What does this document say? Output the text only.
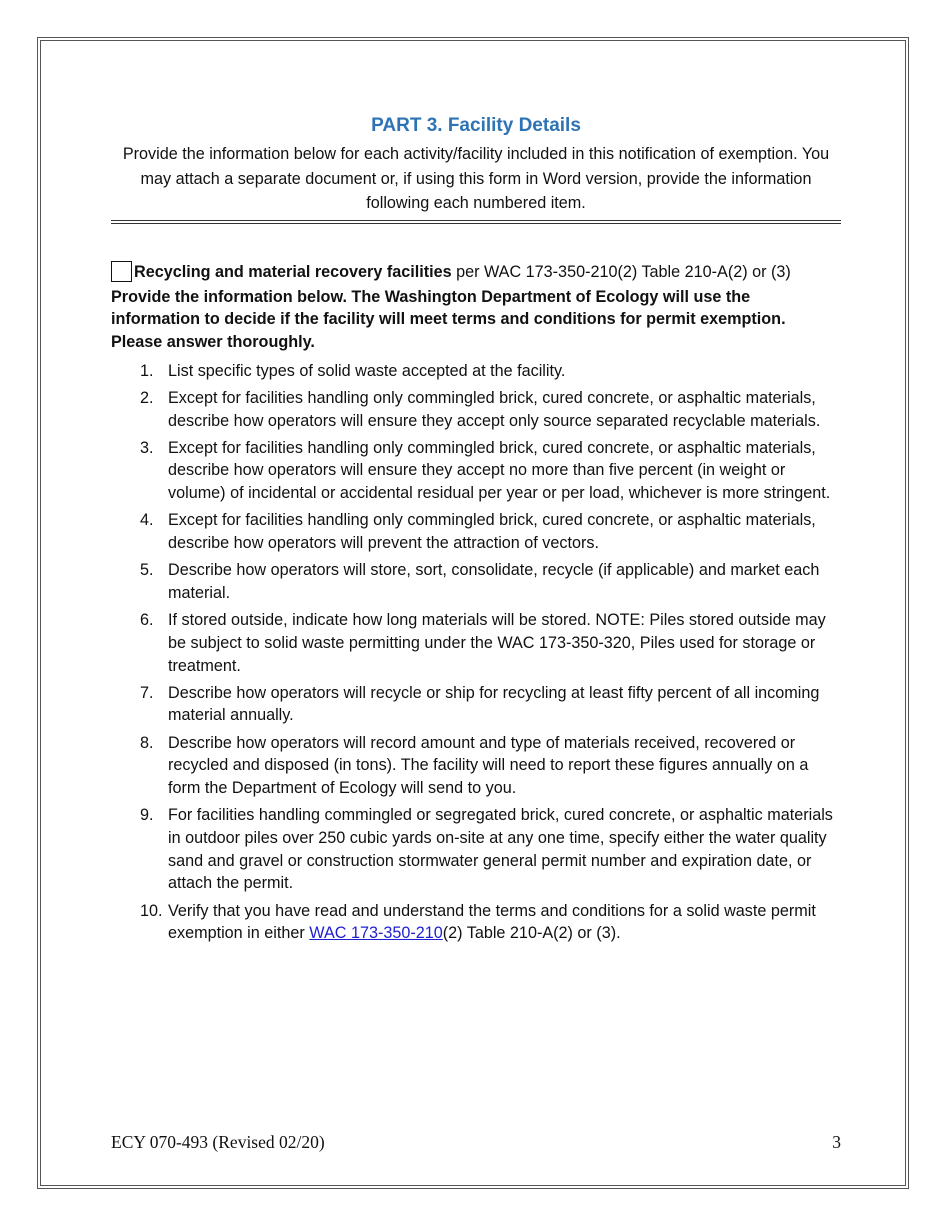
PART 3. Facility Details

Provide the information below for each activity/facility included in this notification of exemption. You may attach a separate document or, if using this form in Word version, provide the information following each numbered item.

Recycling and material recovery facilities per WAC 173-350-210(2) Table 210-A(2) or (3)

Provide the information below. The Washington Department of Ecology will use the information to decide if the facility will meet terms and conditions for permit exemption. Please answer thoroughly.

1. List specific types of solid waste accepted at the facility.
2. Except for facilities handling only commingled brick, cured concrete, or asphaltic materials, describe how operators will ensure they accept only source separated recyclable materials.
3. Except for facilities handling only commingled brick, cured concrete, or asphaltic materials, describe how operators will ensure they accept no more than five percent (in weight or volume) of incidental or accidental residual per year or per load, whichever is more stringent.
4. Except for facilities handling only commingled brick, cured concrete, or asphaltic materials, describe how operators will prevent the attraction of vectors.
5. Describe how operators will store, sort, consolidate, recycle (if applicable) and market each material.
6. If stored outside, indicate how long materials will be stored. NOTE: Piles stored outside may be subject to solid waste permitting under the WAC 173-350-320, Piles used for storage or treatment.
7. Describe how operators will recycle or ship for recycling at least fifty percent of all incoming material annually.
8. Describe how operators will record amount and type of materials received, recovered or recycled and disposed (in tons). The facility will need to report these figures annually on a form the Department of Ecology will send to you.
9. For facilities handling commingled or segregated brick, cured concrete, or asphaltic materials in outdoor piles over 250 cubic yards on-site at any one time, specify either the water quality sand and gravel or construction stormwater general permit number and expiration date, or attach the permit.
10. Verify that you have read and understand the terms and conditions for a solid waste permit exemption in either WAC 173-350-210(2) Table 210-A(2) or (3).
ECY 070-493 (Revised 02/20)	3
